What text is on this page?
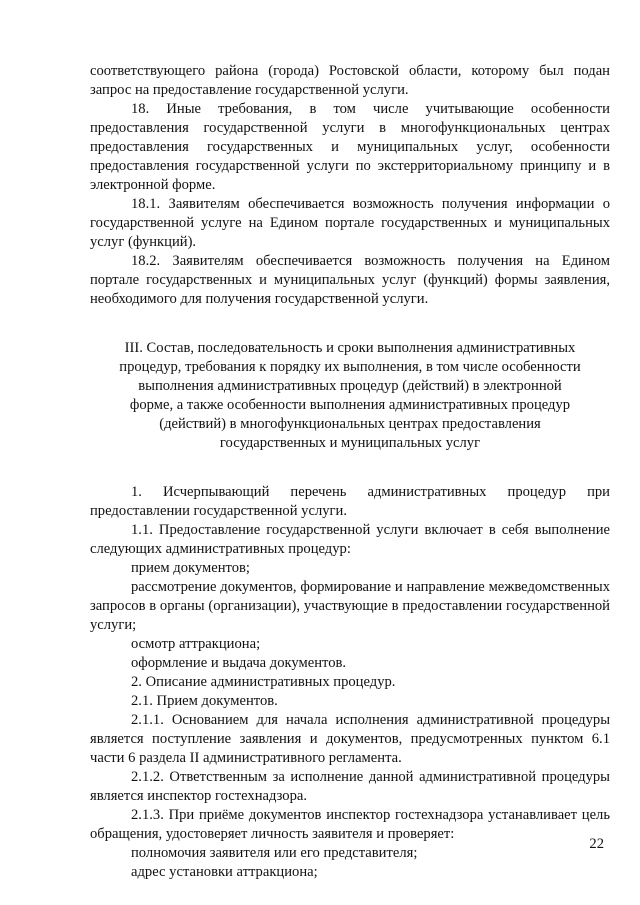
соответствующего района (города) Ростовской области, которому был подан запрос на предоставление государственной услуги.

18. Иные требования, в том числе учитывающие особенности предоставления государственной услуги в многофункциональных центрах предоставления государственных и муниципальных услуг, особенности предоставления государственной услуги по экстерриториальному принципу и в электронной форме.

18.1. Заявителям обеспечивается возможность получения информации о государственной услуге на Едином портале государственных и муниципальных услуг (функций).

18.2. Заявителям обеспечивается возможность получения на Едином портале государственных и муниципальных услуг (функций) формы заявления, необходимого для получения государственной услуги.

III. Состав, последовательность и сроки выполнения административных процедур, требования к порядку их выполнения, в том числе особенности выполнения административных процедур (действий) в электронной форме, а также особенности выполнения административных процедур (действий) в многофункциональных центрах предоставления государственных и муниципальных услуг

1. Исчерпывающий перечень административных процедур при предоставлении государственной услуги.

1.1. Предоставление государственной услуги включает в себя выполнение следующих административных процедур:

прием документов;

рассмотрение документов, формирование и направление межведомственных запросов в органы (организации), участвующие в предоставлении государственной услуги;

осмотр аттракциона;

оформление и выдача документов.

2. Описание административных процедур.

2.1. Прием документов.

2.1.1. Основанием для начала исполнения административной процедуры является поступление заявления и документов, предусмотренных пунктом 6.1 части 6 раздела II административного регламента.

2.1.2. Ответственным за исполнение данной административной процедуры является инспектор гостехнадзора.

2.1.3. При приёме документов инспектор гостехнадзора устанавливает цель обращения, удостоверяет личность заявителя и проверяет:

полномочия заявителя или его представителя;

адрес установки аттракциона;

22
